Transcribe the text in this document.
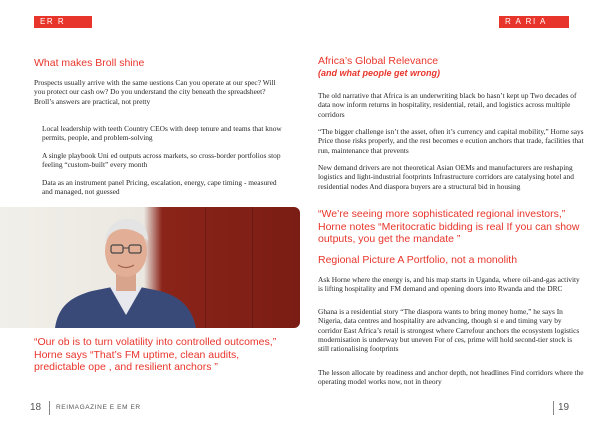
ER R
What makes Broll shine

Prospects usually arrive with the same uestions Can you operate at our spec? Will you protect our cash ow? Do you understand the city beneath the spreadsheet? Broll’s answers are practical, not pretty

Local leadership with teeth Country CEOs with deep tenure and teams that know permits, people, and problem-solving

A single playbook Uni ed outputs across markets, so cross-border portfolios stop feeling “custom-built” every month

Data as an instrument panel Pricing, escalation, energy, cape timing - measured and managed, not guessed

“Our ob is to turn volatility into controlled outcomes,” Horne says “That’s FM uptime, clean audits, predictable ope , and resilient anchors ”

18 REIMAGAZINE E EM ER
R A RI A
Africa’s Global Relevance
(and what people get wrong)

The old narrative that Africa is an underwriting black bo hasn’t kept up Two decades of data now inform returns in hospitality, residential, retail, and logistics across multiple corridors

“The bigger challenge isn’t the asset, often it’s currency and capital mobility,” Horne says Price those risks properly, and the rest becomes e ecution anchors that trade, facilities that run, maintenance that prevents

New demand drivers are not theoretical Asian OEMs and manufacturers are reshaping logistics and light-industrial footprints Infrastructure corridors are catalysing hotel and residential nodes And diaspora buyers are a structural bid in housing

“We’re seeing more sophisticated regional investors,” Horne notes “Meritocratic bidding is real If you can show outputs, you get the mandate ”

Regional Picture A Portfolio, not a monolith

Ask Horne where the energy is, and his map starts in Uganda, where oil-and-gas activity is lifting hospitality and FM demand and opening doors into Rwanda and the DRC

Ghana is a residential story “The diaspora wants to bring money home,” he says In Nigeria, data centres and hospitality are advancing, though si e and timing vary by corridor East Africa’s retail is strongest where Carrefour anchors the ecosystem logistics modernisation is underway but uneven For of ces, prime will hold second-tier stock is still rationalising footprints

The lesson allocate by readiness and anchor depth, not headlines Find corridors where the operating model works now, not in theory

19
